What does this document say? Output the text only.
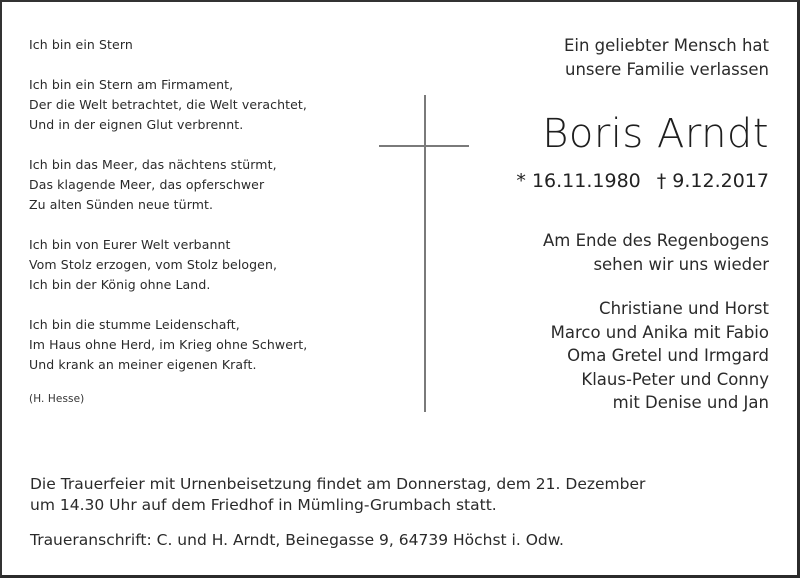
Ich bin ein Stern
Ich bin ein Stern am Firmament,
Der die Welt betrachtet, die Welt verachtet,
Und in der eignen Glut verbrennt.
Ich bin das Meer, das nächtens stürmt,
Das klagende Meer, das opferschwer
Zu alten Sünden neue türmt.
Ich bin von Eurer Welt verbannt
Vom Stolz erzogen, vom Stolz belogen,
Ich bin der König ohne Land.
Ich bin die stumme Leidenschaft,
Im Haus ohne Herd, im Krieg ohne Schwert,
Und krank an meiner eigenen Kraft.
(H. Hesse)
Ein geliebter Mensch hat
unsere Familie verlassen
Boris Arndt
* 16.11.1980 † 9.12.2017
Am Ende des Regenbogens
sehen wir uns wieder
Christiane und Horst
Marco und Anika mit Fabio
Oma Gretel und Irmgard
Klaus-Peter und Conny
mit Denise und Jan
Die Trauerfeier mit Urnenbeisetzung findet am Donnerstag, dem 21. Dezember
um 14.30 Uhr auf dem Friedhof in Mümling-Grumbach statt.
Traueranschrift: C. und H. Arndt, Beinegasse 9, 64739 Höchst i. Odw.
